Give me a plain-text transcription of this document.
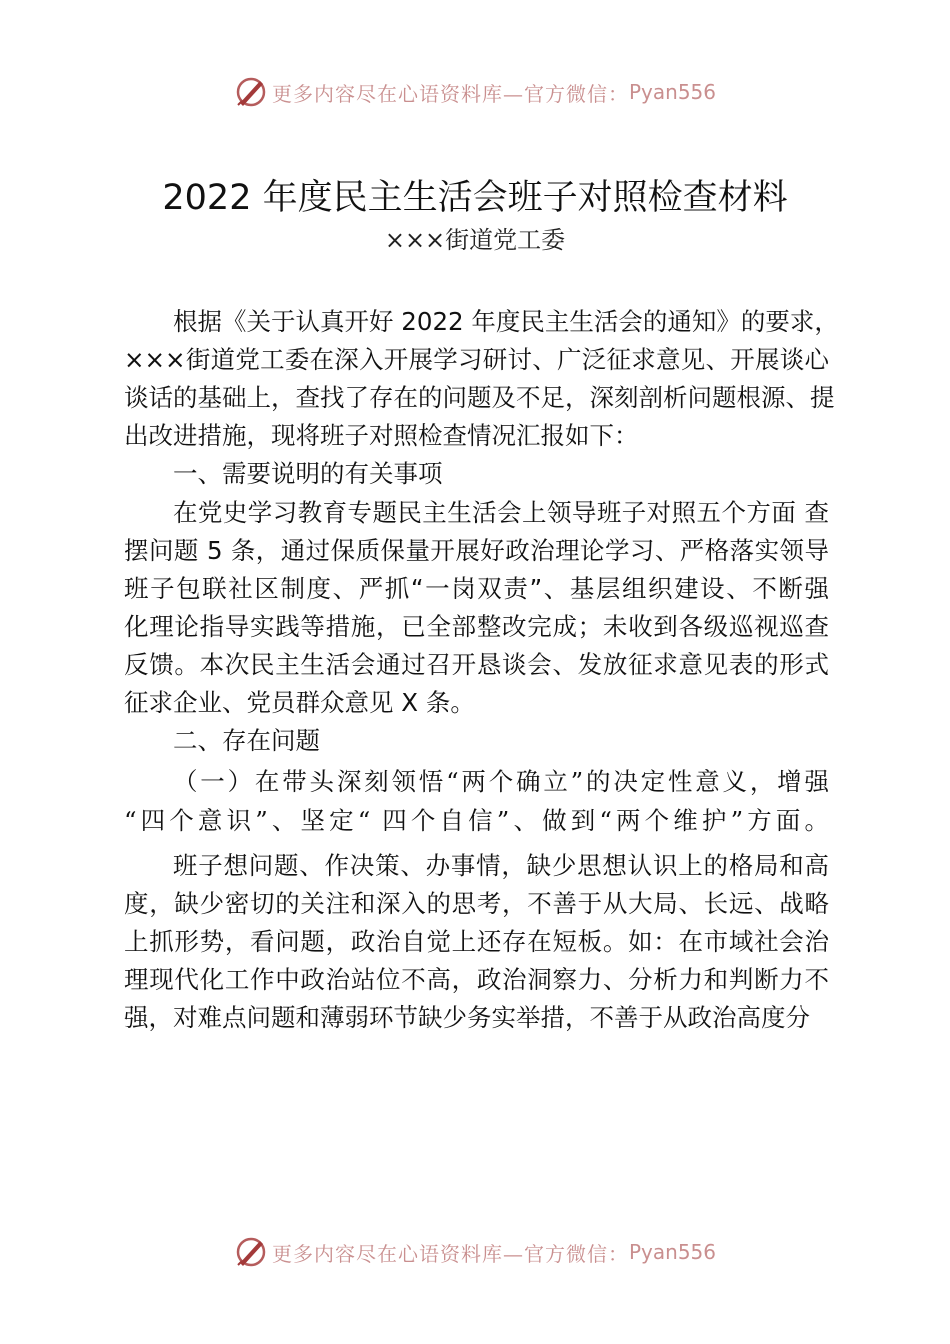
更多内容尽在心语资料库—官方微信： Pyan556
2022 年度民主生活会班子对照检查材料
×××街道党工委
根据《关于认真开好 2022 年度民主生活会的通知》的要求，
×××街道党工委在深入开展学习研讨、广泛征求意见、开展谈心
谈话的基础上，查找了存在的问题及不足，深刻剖析问题根源、提
出改进措施，现将班子对照检查情况汇报如下：
一、需要说明的有关事项
在党史学习教育专题民主生活会上领导班子对照五个方面 查
摆问题 5 条，通过保质保量开展好政治理论学习、严格落实领导
班子包联社区制度、严抓“一岗双责”、基层组织建设、不断强
化理论指导实践等措施，已全部整改完成；未收到各级巡视巡查
反馈。本次民主生活会通过召开恳谈会、发放征求意见表的形式
征求企业、党员群众意见 X 条。
二、存在问题
（一）在带头深刻领悟“两个确立”的决定性意义，增强
“四个意识”、坚定“ 四个自信”、做到“两个维护”方面。
班子想问题、作决策、办事情，缺少思想认识上的格局和高
度，缺少密切的关注和深入的思考，不善于从大局、长远、战略
上抓形势，看问题，政治自觉上还存在短板。如：在市域社会治
理现代化工作中政治站位不高，政治洞察力、分析力和判断力不
强，对难点问题和薄弱环节缺少务实举措，不善于从政治高度分
更多内容尽在心语资料库—官方微信： Pyan556
